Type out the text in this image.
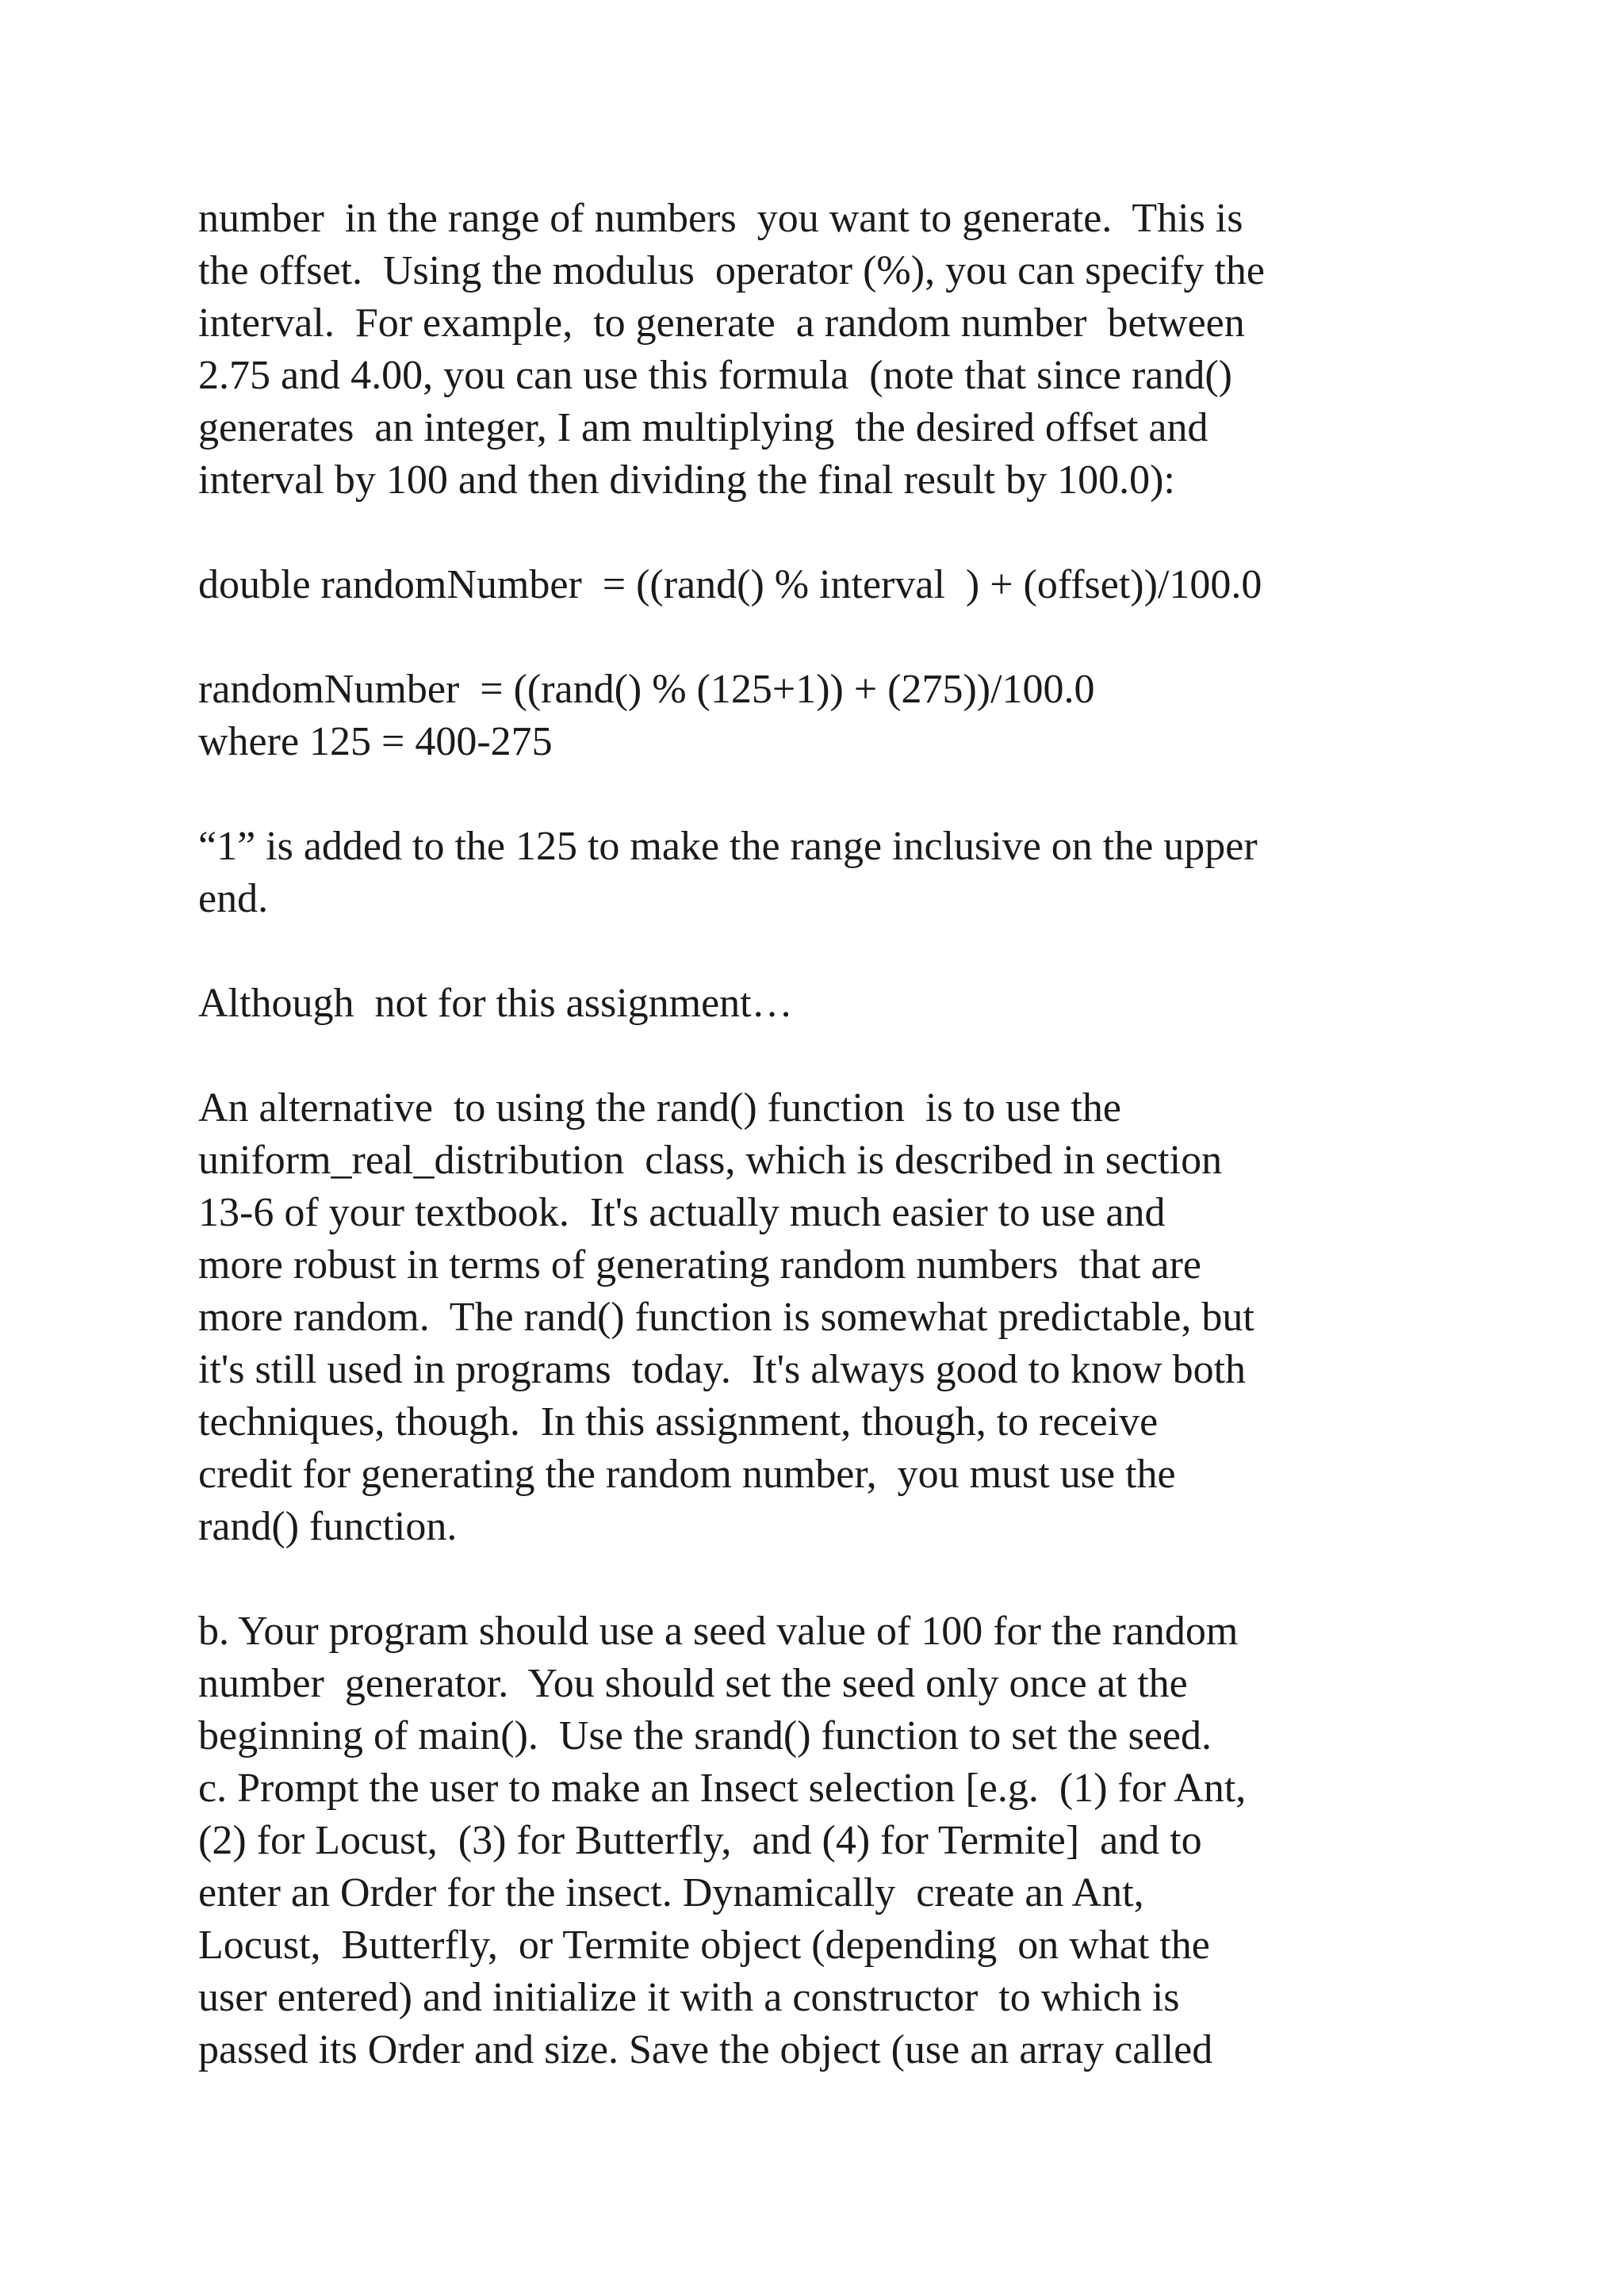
number  in the range of numbers  you want to generate.  This is
the offset.  Using the modulus  operator (%), you can specify the
interval.  For example,  to generate  a random number  between
2.75 and 4.00, you can use this formula  (note that since rand()
generates  an integer, I am multiplying  the desired offset and
interval by 100 and then dividing the final result by 100.0):
double randomNumber  = ((rand() % interval  ) + (offset))/100.0
randomNumber  = ((rand() % (125+1)) + (275))/100.0
where 125 = 400-275
“1” is added to the 125 to make the range inclusive on the upper
end.
Although  not for this assignment…
An alternative  to using the rand() function  is to use the
uniform_real_distribution  class, which is described in section
13-6 of your textbook.  It's actually much easier to use and
more robust in terms of generating random numbers  that are
more random.  The rand() function is somewhat predictable, but
it's still used in programs  today.  It's always good to know both
techniques, though.  In this assignment, though, to receive
credit for generating the random number,  you must use the
rand() function.
b. Your program should use a seed value of 100 for the random
number  generator.  You should set the seed only once at the
beginning of main().  Use the srand() function to set the seed.
c. Prompt the user to make an Insect selection [e.g.  (1) for Ant,
(2) for Locust,  (3) for Butterfly,  and (4) for Termite]  and to
enter an Order for the insect. Dynamically  create an Ant,
Locust,  Butterfly,  or Termite object (depending  on what the
user entered) and initialize it with a constructor  to which is
passed its Order and size. Save the object (use an array called
